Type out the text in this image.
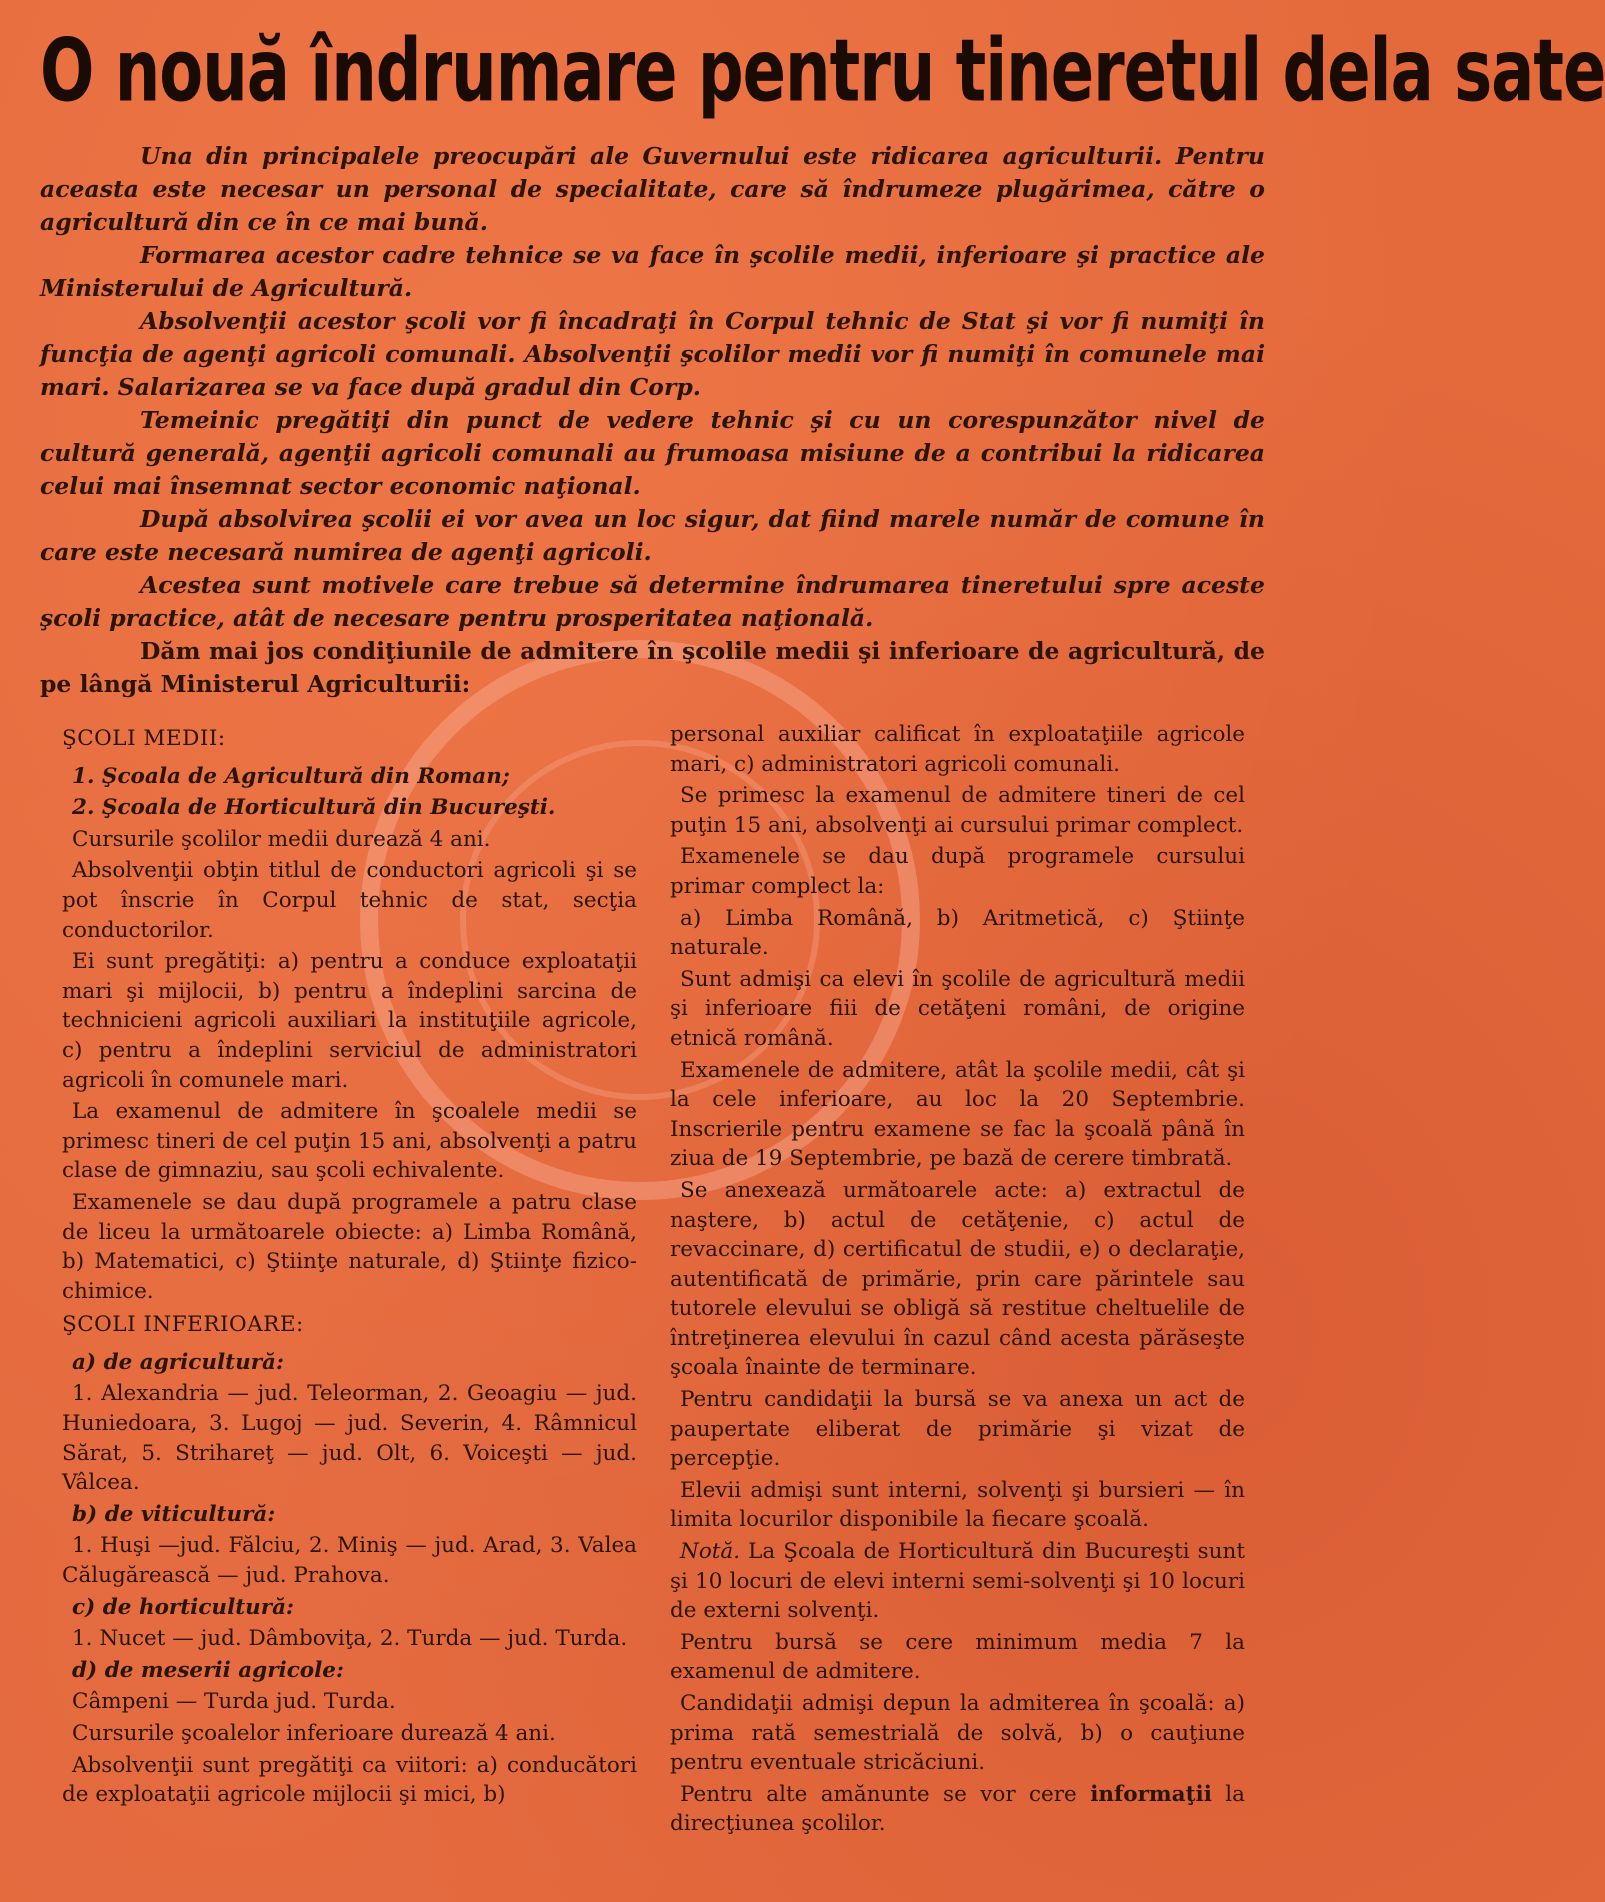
O nouă îndrumare pentru tineretul dela sate

Una din principalele preocupări ale Guvernului este ridicarea agriculturii. Pentru aceasta este necesar un personal de specialitate, care să îndrumeze plugărimea, către o agricultură din ce în ce mai bună.

Formarea acestor cadre tehnice se va face în şcolile medii, inferioare şi practice ale Ministerului de Agricultură.

Absolvenţii acestor şcoli vor fi încadraţi în Corpul tehnic de Stat şi vor fi numiţi în funcţia de agenţi agricoli comunali. Absolvenţii şcolilor medii vor fi numiţi în comunele mai mari. Salarizarea se va face după gradul din Corp.

Temeinic pregătiţi din punct de vedere tehnic şi cu un corespunzător nivel de cultură generală, agenţii agricoli comunali au frumoasa misiune de a contribui la ridicarea celui mai însemnat sector economic naţional.

După absolvirea şcolii ei vor avea un loc sigur, dat fiind marele număr de comune în care este necesară numirea de agenţi agricoli.

Acestea sunt motivele care trebue să determine îndrumarea tineretului spre aceste şcoli practice, atât de necesare pentru prosperitatea naţională.

Dăm mai jos condiţiunile de admitere în şcolile medii şi inferioare de agricultură, de pe lângă Ministerul Agriculturii:

ŞCOLI MEDII:

1. Şcoala de Agricultură din Roman;

2. Şcoala de Horticultură din Bucureşti.

Cursurile şcolilor medii durează 4 ani.

Absolvenţii obţin titlul de conductori agricoli şi se pot înscrie în Corpul tehnic de stat, secţia conductorilor.

Ei sunt pregătiţi: a) pentru a conduce exploataţii mari şi mijlocii, b) pentru a îndeplini sarcina de technicieni agricoli auxiliari la instituţiile agricole, c) pentru a îndeplini serviciul de administratori agricoli în comunele mari.

La examenul de admitere în şcoalele medii se primesc tineri de cel puţin 15 ani, absolvenţi a patru clase de gimnaziu, sau şcoli echivalente.

Examenele se dau după programele a patru clase de liceu la următoarele obiecte: a) Limba Română, b) Matematici, c) Ştiinţe naturale, d) Ştiinţe fizico-chimice.

ŞCOLI INFERIOARE:

a) de agricultură:

1. Alexandria — jud. Teleorman, 2. Geoagiu — jud. Huniedoara, 3. Lugoj — jud. Severin, 4. Râmnicul Sărat, 5. Strihareţ — jud. Olt, 6. Voiceşti — jud. Vâlcea.

b) de viticultură:

1. Huşi —jud. Fălciu, 2. Miniş — jud. Arad, 3. Valea Călugărească — jud. Prahova.

c) de horticultură:

1. Nucet — jud. Dâmboviţa, 2. Turda — jud. Turda.

d) de meserii agricole:

Câmpeni — Turda jud. Turda.

Cursurile şcoalelor inferioare durează 4 ani.

Absolvenţii sunt pregătiţi ca viitori: a) conducători de exploataţii agricole mijlocii şi mici, b)

personal auxiliar calificat în exploataţiile agricole mari, c) administratori agricoli comunali.

Se primesc la examenul de admitere tineri de cel puţin 15 ani, absolvenţi ai cursului primar complect.

Examenele se dau după programele cursului primar complect la:

a) Limba Română, b) Aritmetică, c) Ştiinţe naturale.

Sunt admişi ca elevi în şcolile de agricultură medii şi inferioare fiii de cetăţeni români, de origine etnică română.

Examenele de admitere, atât la şcolile medii, cât şi la cele inferioare, au loc la 20 Septembrie. Inscrierile pentru examene se fac la şcoală până în ziua de 19 Septembrie, pe bază de cerere timbrată.

Se anexează următoarele acte: a) extractul de naştere, b) actul de cetăţenie, c) actul de revaccinare, d) certificatul de studii, e) o declaraţie, autentificată de primărie, prin care părintele sau tutorele elevului se obligă să restitue cheltuelile de întreţinerea elevului în cazul când acesta părăseşte şcoala înainte de terminare.

Pentru candidaţii la bursă se va anexa un act de paupertate eliberat de primărie şi vizat de percepţie.

Elevii admişi sunt interni, solvenţi şi bursieri — în limita locurilor disponibile la fiecare şcoală.

Notă. La Şcoala de Horticultură din Bucureşti sunt şi 10 locuri de elevi interni semi-solvenţi şi 10 locuri de externi solvenţi.

Pentru bursă se cere minimum media 7 la examenul de admitere.

Candidaţii admişi depun la admiterea în şcoală: a) prima rată semestrială de solvă, b) o cauţiune pentru eventuale stricăciuni.

Pentru alte amănunte se vor cere informaţii la direcţiunea şcolilor.
